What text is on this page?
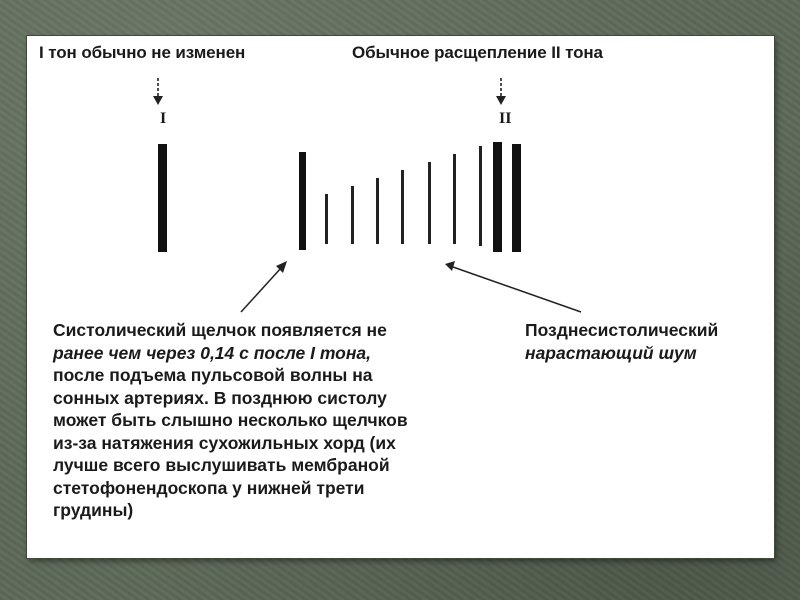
I тон обычно не изменен	Обычное расщепление II тона
I	II
Систолический щелчок появляется не
ранее чем через 0,14 с после I тона,
после подъема пульсовой волны на
сонных артериях. В позднюю систолу
может быть слышно несколько щелчков
из-за натяжения сухожильных хорд (их
лучше всего выслушивать мембраной
стетофонендоскопа у нижней трети
грудины)
Позднесистолический
нарастающий шум
